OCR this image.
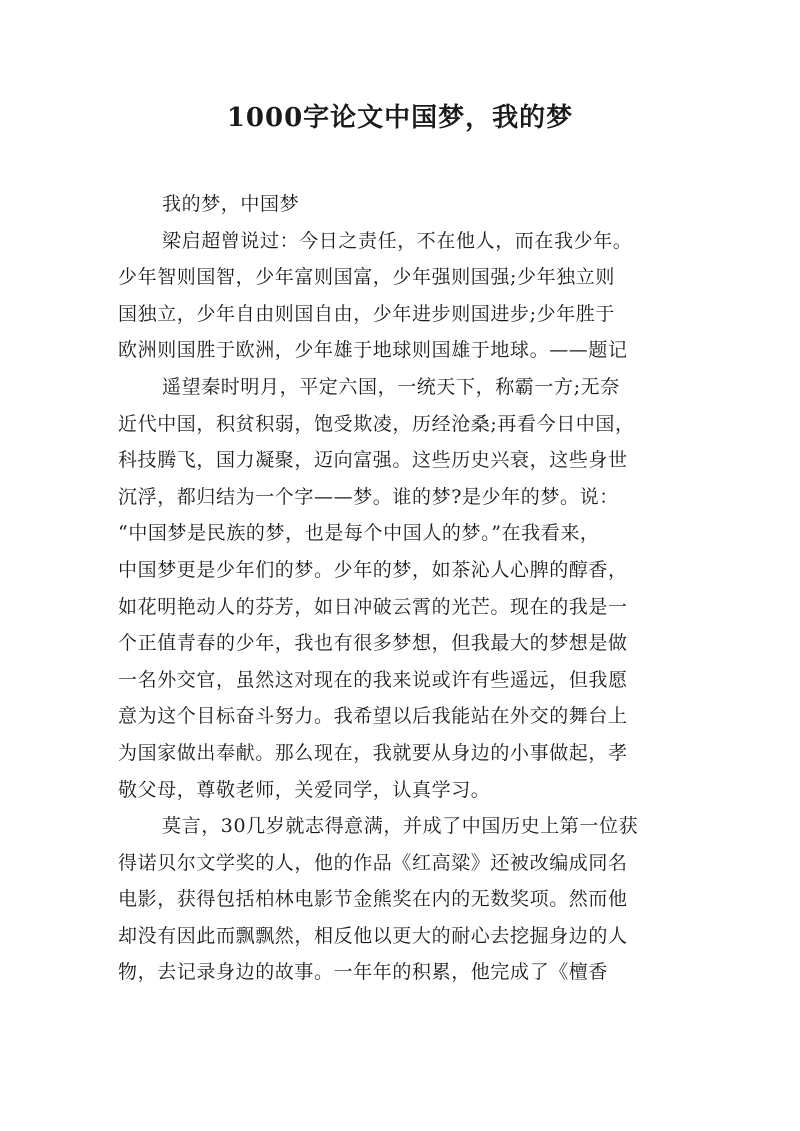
1000字论文中国梦，我的梦
我的梦，中国梦
梁启超曾说过：今日之责任，不在他人，而在我少年。
少年智则国智，少年富则国富，少年强则国强;少年独立则
国独立，少年自由则国自由，少年进步则国进步;少年胜于
欧洲则国胜于欧洲，少年雄于地球则国雄于地球。——题记
遥望秦时明月，平定六国，一统天下，称霸一方;无奈
近代中国，积贫积弱，饱受欺凌，历经沧桑;再看今日中国，
科技腾飞，国力凝聚，迈向富强。这些历史兴衰，这些身世
沉浮，都归结为一个字——梦。谁的梦?是少年的梦。说：
“中国梦是民族的梦，也是每个中国人的梦。”在我看来，
中国梦更是少年们的梦。少年的梦，如茶沁人心脾的醇香，
如花明艳动人的芬芳，如日冲破云霄的光芒。现在的我是一
个正值青春的少年，我也有很多梦想，但我最大的梦想是做
一名外交官，虽然这对现在的我来说或许有些遥远，但我愿
意为这个目标奋斗努力。我希望以后我能站在外交的舞台上
为国家做出奉献。那么现在，我就要从身边的小事做起，孝
敬父母，尊敬老师，关爱同学，认真学习。
莫言，30几岁就志得意满，并成了中国历史上第一位获
得诺贝尔文学奖的人，他的作品《红高粱》还被改编成同名
电影，获得包括柏林电影节金熊奖在内的无数奖项。然而他
却没有因此而飘飘然，相反他以更大的耐心去挖掘身边的人
物，去记录身边的故事。一年年的积累，他完成了《檀香
